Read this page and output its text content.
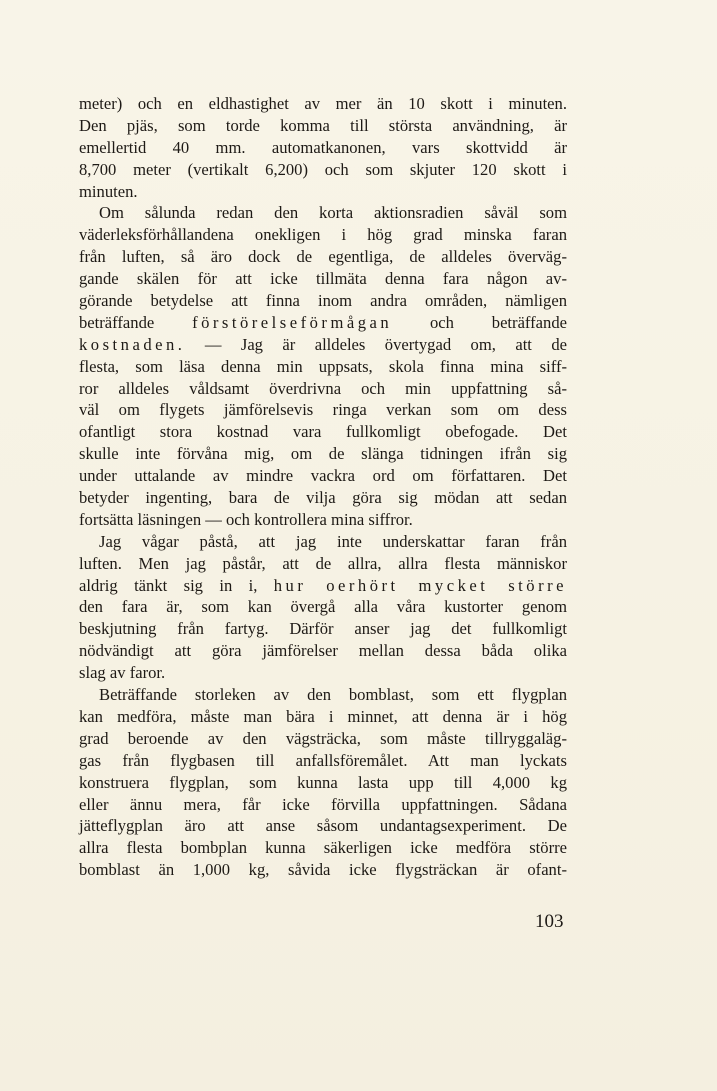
meter) och en eldhastighet av mer än 10 skott i minuten.
Den pjäs, som torde komma till största användning, är
emellertid 40 mm. automatkanonen, vars skottvidd är
8,700 meter (vertikalt 6,200) och som skjuter 120 skott i
minuten.
Om sålunda redan den korta aktionsradien såväl som
väderleksförhållandena onekligen i hög grad minska faran
från luften, så äro dock de egentliga, de alldeles överväg-
gande skälen för att icke tillmäta denna fara någon av-
görande betydelse att finna inom andra områden, nämligen
beträffande förstörelseförmågan och beträffande
kostnaden. — Jag är alldeles övertygad om, att de
flesta, som läsa denna min uppsats, skola finna mina siff-
ror alldeles våldsamt överdrivna och min uppfattning så-
väl om flygets jämförelsevis ringa verkan som om dess
ofantligt stora kostnad vara fullkomligt obefogade. Det
skulle inte förvåna mig, om de slänga tidningen ifrån sig
under uttalande av mindre vackra ord om författaren. Det
betyder ingenting, bara de vilja göra sig mödan att sedan
fortsätta läsningen — och kontrollera mina siffror.
Jag vågar påstå, att jag inte underskattar faran från
luften. Men jag påstår, att de allra, allra flesta människor
aldrig tänkt sig in i, hur oerhört mycket större
den fara är, som kan övergå alla våra kustorter genom
beskjutning från fartyg. Därför anser jag det fullkomligt
nödvändigt att göra jämförelser mellan dessa båda olika
slag av faror.
Beträffande storleken av den bomblast, som ett flygplan
kan medföra, måste man bära i minnet, att denna är i hög
grad beroende av den vägsträcka, som måste tillryggaläg-
gas från flygbasen till anfallsföremålet. Att man lyckats
konstruera flygplan, som kunna lasta upp till 4,000 kg
eller ännu mera, får icke förvilla uppfattningen. Sådana
jätteflygplan äro att anse såsom undantagsexperiment. De
allra flesta bombplan kunna säkerligen icke medföra större
bomblast än 1,000 kg, såvida icke flygsträckan är ofant-
103
